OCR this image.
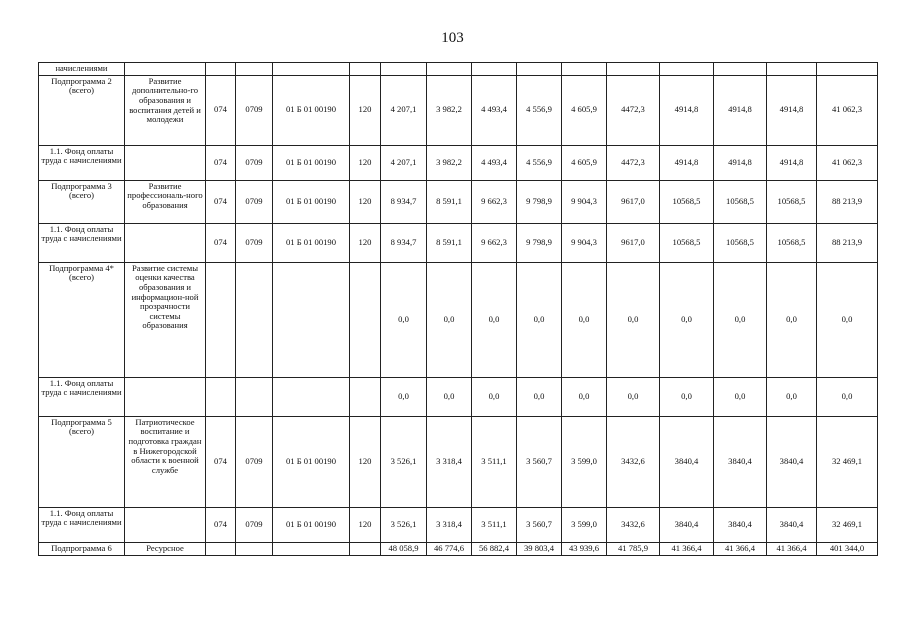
103
начислениями															
Подпрограмма 2 (всего)	Развитие дополнительно-го образования и воспитания детей и молодежи	074	0709	01 Б 01 00190	120	4 207,1	3 982,2	4 493,4	4 556,9	4 605,9	4472,3	4914,8	4914,8	4914,8	41 062,3
1.1. Фонд оплаты труда с начислениями		074	0709	01 Б 01 00190	120	4 207,1	3 982,2	4 493,4	4 556,9	4 605,9	4472,3	4914,8	4914,8	4914,8	41 062,3
Подпрограмма 3 (всего)	Развитие профессиональ-ного образования	074	0709	01 Б 01 00190	120	8 934,7	8 591,1	9 662,3	9 798,9	9 904,3	9617,0	10568,5	10568,5	10568,5	88 213,9
1.1. Фонд оплаты труда с начислениями		074	0709	01 Б 01 00190	120	8 934,7	8 591,1	9 662,3	9 798,9	9 904,3	9617,0	10568,5	10568,5	10568,5	88 213,9
Подпрограмма 4* (всего)	Развитие системы оценки качества образования и информацион-ной прозрачности системы образования					0,0	0,0	0,0	0,0	0,0	0,0	0,0	0,0	0,0	0,0
1.1. Фонд оплаты труда с начислениями						0,0	0,0	0,0	0,0	0,0	0,0	0,0	0,0	0,0	0,0
Подпрограмма 5 (всего)	Патриотическое воспитание и подготовка граждан в Нижегородской области к военной службе	074	0709	01 Б 01 00190	120	3 526,1	3 318,4	3 511,1	3 560,7	3 599,0	3432,6	3840,4	3840,4	3840,4	32 469,1
1.1. Фонд оплаты труда с начислениями		074	0709	01 Б 01 00190	120	3 526,1	3 318,4	3 511,1	3 560,7	3 599,0	3432,6	3840,4	3840,4	3840,4	32 469,1
Подпрограмма 6	Ресурсное					48 058,9	46 774,6	56 882,4	39 803,4	43 939,6	41 785,9	41 366,4	41 366,4	41 366,4	401 344,0
